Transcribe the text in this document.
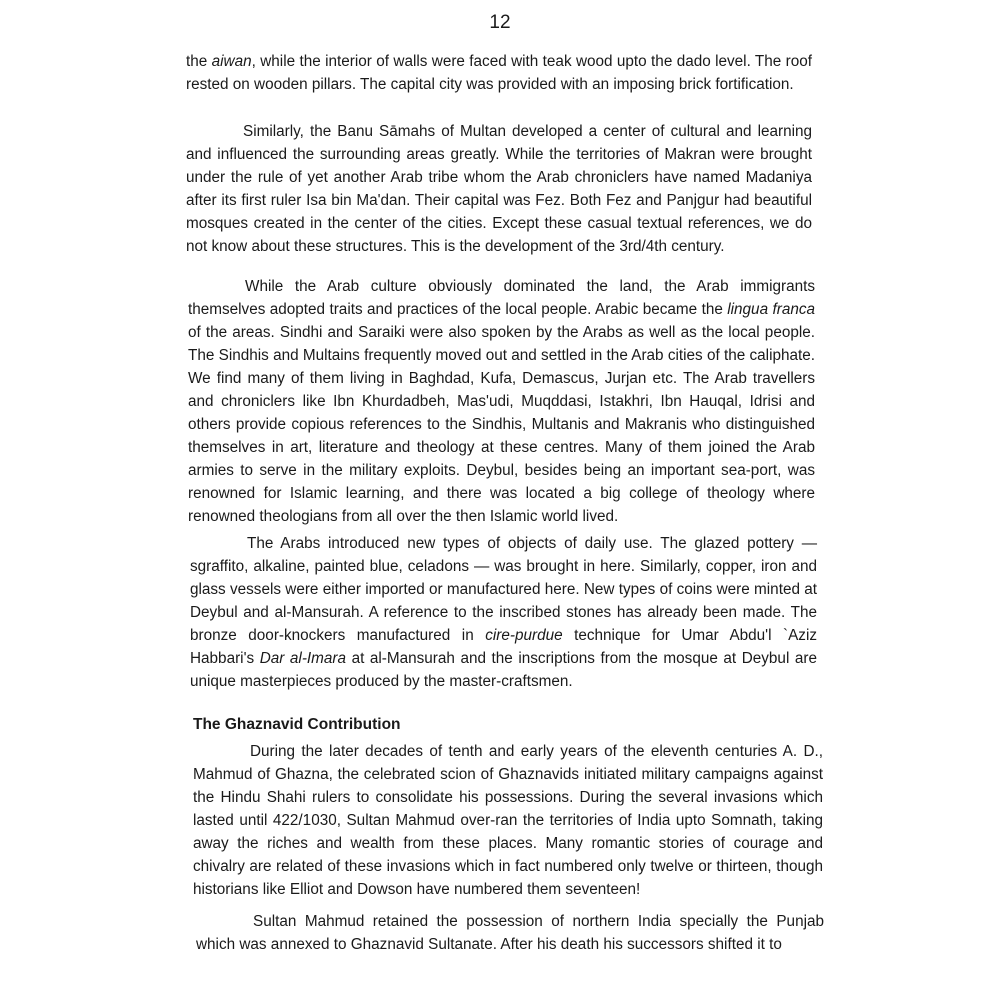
12

the aiwan, while the interior of walls were faced with teak wood upto the dado level. The roof rested on wooden pillars. The capital city was provided with an imposing brick fortification.

Similarly, the Banu Sāmahs of Multan developed a center of cultural and learning and influenced the surrounding areas greatly. While the territories of Makran were brought under the rule of yet another Arab tribe whom the Arab chroniclers have named Madaniya after its first ruler Isa bin Ma'dan. Their capital was Fez. Both Fez and Panjgur had beautiful mosques created in the center of the cities. Except these casual textual references, we do not know about these structures. This is the development of the 3rd/4th century.

While the Arab culture obviously dominated the land, the Arab immigrants themselves adopted traits and practices of the local people. Arabic became the lingua franca of the areas. Sindhi and Saraiki were also spoken by the Arabs as well as the local people. The Sindhis and Multains frequently moved out and settled in the Arab cities of the caliphate. We find many of them living in Baghdad, Kufa, Demascus, Jurjan etc. The Arab travellers and chroniclers like Ibn Khurdadbeh, Mas'udi, Muqddasi, Istakhri, Ibn Hauqal, Idrisi and others provide copious references to the Sindhis, Multanis and Makranis who distinguished themselves in art, literature and theology at these centres. Many of them joined the Arab armies to serve in the military exploits. Deybul, besides being an important sea-port, was renowned for Islamic learning, and there was located a big college of theology where renowned theologians from all over the then Islamic world lived.

The Arabs introduced new types of objects of daily use. The glazed pottery — sgraffito, alkaline, painted blue, celadons — was brought in here. Similarly, copper, iron and glass vessels were either imported or manufactured here. New types of coins were minted at Deybul and al-Mansurah. A reference to the inscribed stones has already been made. The bronze door-knockers manufactured in cire-purdue technique for Umar Abdu'l `Aziz Habbari's Dar al-Imara at al-Mansurah and the inscriptions from the mosque at Deybul are unique masterpieces produced by the master-craftsmen.

The Ghaznavid Contribution

During the later decades of tenth and early years of the eleventh centuries A. D., Mahmud of Ghazna, the celebrated scion of Ghaznavids initiated military campaigns against the Hindu Shahi rulers to consolidate his possessions. During the several invasions which lasted until 422/1030, Sultan Mahmud over-ran the territories of India upto Somnath, taking away the riches and wealth from these places. Many romantic stories of courage and chivalry are related of these invasions which in fact numbered only twelve or thirteen, though historians like Elliot and Dowson have numbered them seventeen!

Sultan Mahmud retained the possession of northern India specially the Punjab which was annexed to Ghaznavid Sultanate. After his death his successors shifted it to
